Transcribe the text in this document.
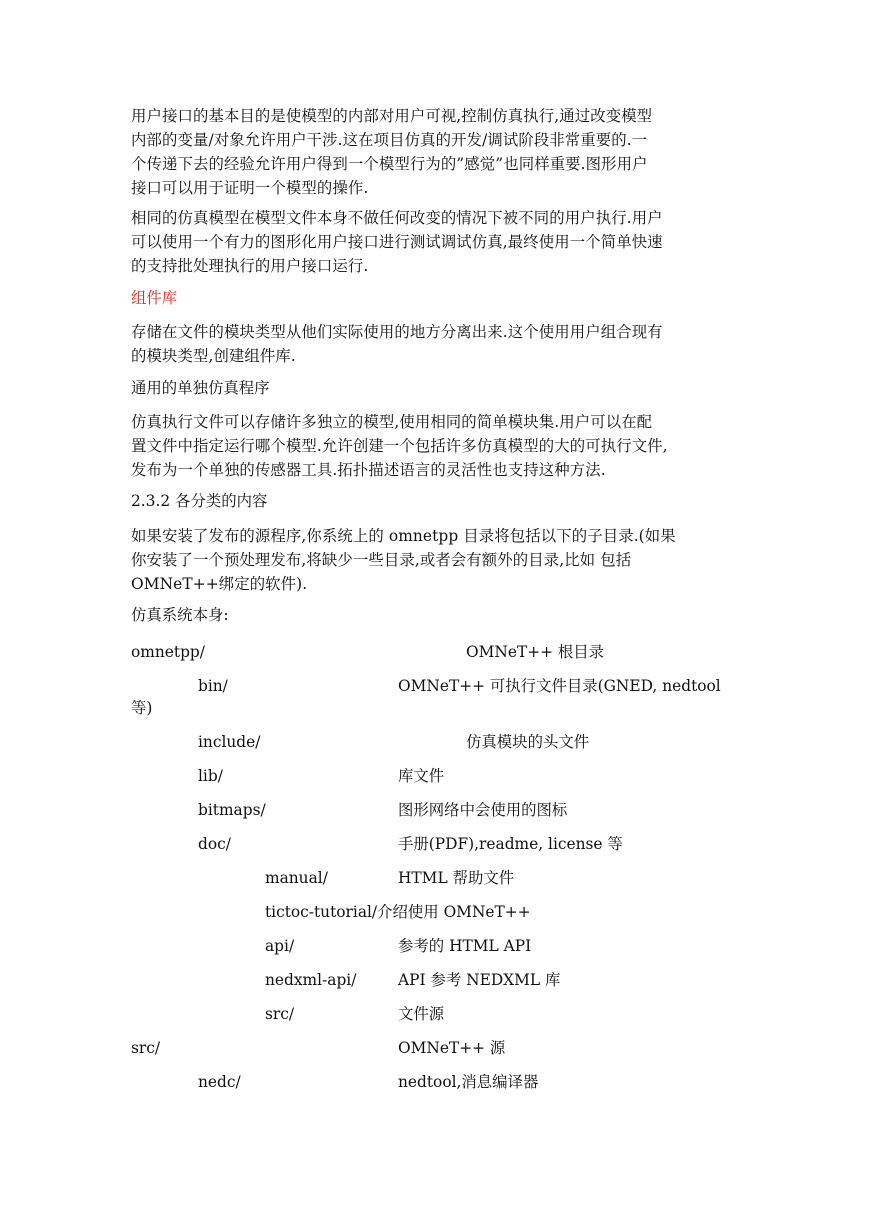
用户接口的基本目的是使模型的内部对用户可视,控制仿真执行,通过改变模型
内部的变量/对象允许用户干涉.这在项目仿真的开发/调试阶段非常重要的.一
个传递下去的经验允许用户得到一个模型行为的”感觉”也同样重要.图形用户
接口可以用于证明一个模型的操作.
相同的仿真模型在模型文件本身不做任何改变的情况下被不同的用户执行.用户
可以使用一个有力的图形化用户接口进行测试调试仿真,最终使用一个简单快速
的支持批处理执行的用户接口运行.
组件库
存储在文件的模块类型从他们实际使用的地方分离出来.这个使用用户组合现有
的模块类型,创建组件库.
通用的单独仿真程序
仿真执行文件可以存储许多独立的模型,使用相同的简单模块集.用户可以在配
置文件中指定运行哪个模型.允许创建一个包括许多仿真模型的大的可执行文件,
发布为一个单独的传感器工具.拓扑描述语言的灵活性也支持这种方法.
2.3.2 各分类的内容
如果安装了发布的源程序,你系统上的 omnetpp 目录将包括以下的子目录.(如果
你安装了一个预处理发布,将缺少一些目录,或者会有额外的目录,比如 包括
OMNeT++绑定的软件).
仿真系统本身:
omnetpp/	OMNeT++ 根目录
bin/	OMNeT++ 可执行文件目录(GNED, nedtool
等)
include/	仿真模块的头文件
lib/	库文件
bitmaps/	图形网络中会使用的图标
doc/	手册(PDF),readme, license 等
manual/	HTML 帮助文件
tictoc-tutorial/ 介绍使用 OMNeT++
api/	参考的 HTML API
nedxml-api/	API 参考 NEDXML 库
src/	文件源
src/	OMNeT++ 源
nedc/	nedtool,消息编译器
